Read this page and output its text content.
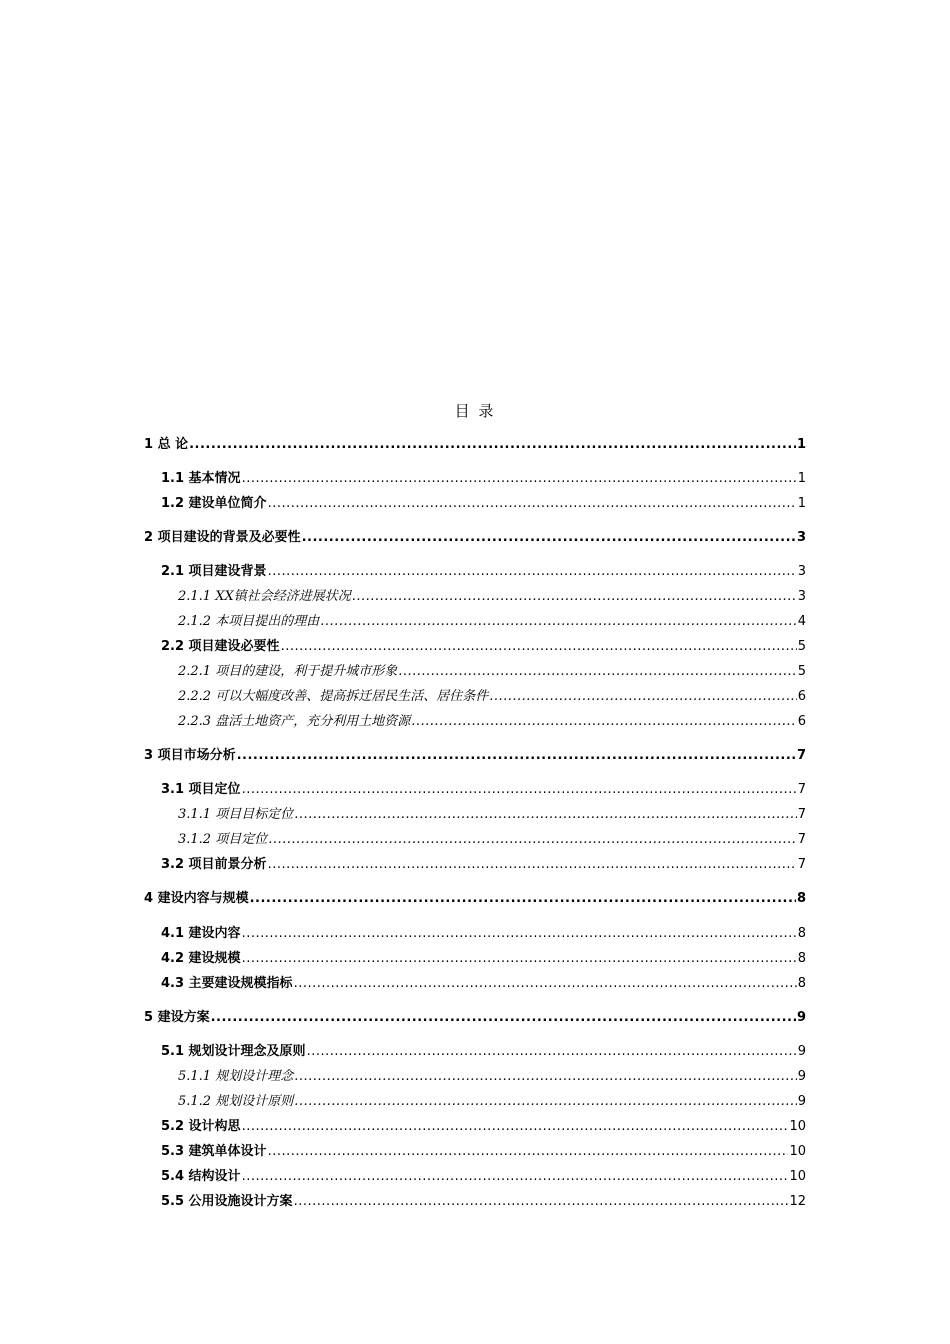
目 录
1 总 论 .....	1
1.1 基本情况 .....	1
1.2 建设单位简介 .....	1
2 项目建设的背景及必要性 .....	3
2.1 项目建设背景 .....	3
2.1.1 XX镇社会经济进展状况 .....	3
2.1.2 本项目提出的理由 .....	4
2.2 项目建设必要性 .....	5
2.2.1 项目的建设，利于提升城市形象 .....	5
2.2.2 可以大幅度改善、提高拆迁居民生活、居住条件 .....	6
2.2.3 盘活土地资产，充分利用土地资源 .....	6
3 项目市场分析 .....	7
3.1 项目定位 .....	7
3.1.1 项目目标定位 .....	7
3.1.2 项目定位 .....	7
3.2 项目前景分析 .....	7
4 建设内容与规模 .....	8
4.1 建设内容 .....	8
4.2 建设规模 .....	8
4.3 主要建设规模指标 .....	8
5 建设方案 .....	9
5.1 规划设计理念及原则 .....	9
5.1.1 规划设计理念 .....	9
5.1.2 规划设计原则 .....	9
5.2 设计构思 .....	10
5.3 建筑单体设计 .....	10
5.4 结构设计 .....	10
5.5 公用设施设计方案 .....	12
